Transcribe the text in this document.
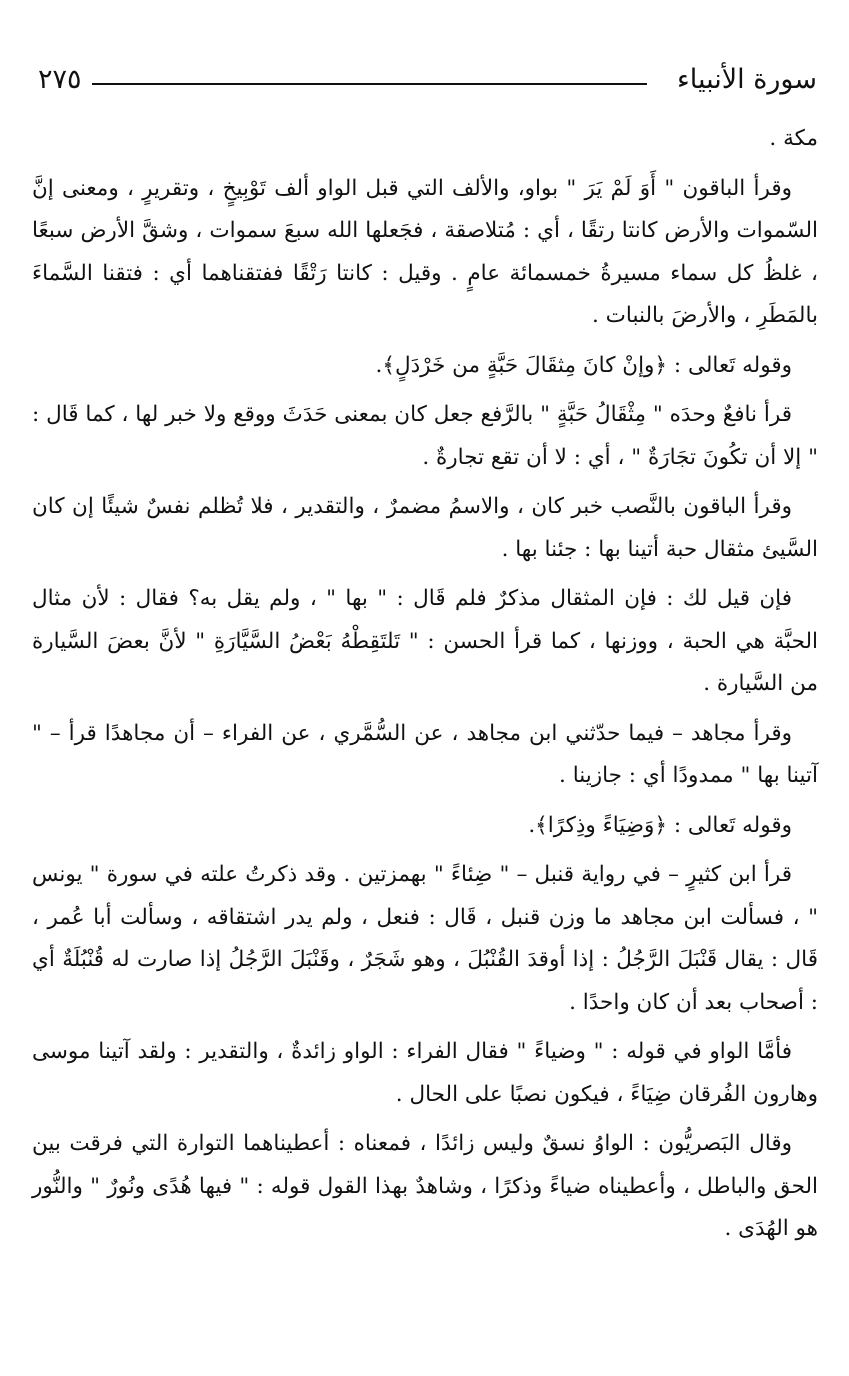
سورة الأنبياء
٢٧٥

مكة .

وقرأ الباقون " أَوَ لَمْ يَرَ " بواو، والألف التي قبل الواو ألف تَوْبِيخٍ ، وتقريرٍ ، ومعنى إنَّ السّموات والأرض كانتا رتقًا ، أي : مُتلاصقة ، فجَعلها الله سبعَ سموات ، وشقَّ الأرض سبعًا ، غلظُ كل سماء مسيرةُ خمسمائة عامٍ . وقيل : كانتا رَتْقًا ففتقناهما أي : فتقنا السَّماءَ بالمَطَرِ ، والأرضَ بالنبات .

وقوله تَعالى : ﴿وإنْ كانَ مِثقَالَ حَبَّةٍ من خَرْدَلٍ﴾.

قرأ نافعٌ وحدَه " مِثْقَالُ حَبَّةٍ " بالرَّفع جعل كان بمعنى حَدَثَ ووقع ولا خبر لها ، كما قَال : " إلا أن تكُونَ تجَارَةٌ " ، أي : لا أن تقع تجارةٌ .

وقرأ الباقون بالنَّصب خبر كان ، والاسمُ مضمرٌ ، والتقدير ، فلا تُظلم نفسٌ شيئًا إن كان السَّيئ مثقال حبة أتينا بها : جئنا بها .

فإن قيل لك : فإن المثقال مذكرٌ فلم قَال : " بها " ، ولم يقل به؟ فقال : لأن مثال الحبَّة هي الحبة ، ووزنها ، كما قرأ الحسن : " تَلتَقِطْهُ بَعْضُ السَّيَّارَةِ " لأنَّ بعضَ السَّيارة من السَّيارة .

وقرأ مجاهد – فيما حدّثني ابن مجاهد ، عن السُّمَّري ، عن الفراء – أن مجاهدًا قرأ – " آتينا بها " ممدودًا أي : جازينا .

وقوله تَعالى : ﴿وَضِيَاءً وذِكرًا﴾.

قرأ ابن كثيرٍ – في رواية قنبل – " ضِئاءً " بهمزتين . وقد ذكرتُ علته في سورة " يونس " ، فسألت ابن مجاهد ما وزن قنبل ، قَال : فنعل ، ولم يدر اشتقاقه ، وسألت أبا عُمر ، قَال : يقال قَنْبَلَ الرَّجُلُ : إذا أوقدَ القُنْبُلَ ، وهو شَجَرٌ ، وقَنْبَلَ الرَّجُلُ إذا صارت له قُنْبُلَةٌ أي : أصحاب بعد أن كان واحدًا .

فأمَّا الواو في قوله : " وضياءً " فقال الفراء : الواو زائدةٌ ، والتقدير : ولقد آتينا موسى وهارون الفُرقان ضِيَاءً ، فيكون نصبًا على الحال .

وقال البَصريُّون : الواوُ نسقٌ وليس زائدًا ، فمعناه : أعطيناهما التوارة التي فرقت بين الحق والباطل ، وأعطيناه ضياءً وذكرًا ، وشاهدٌ بهذا القول قوله : " فيها هُدًى ونُورٌ " والنُّور هو الهُدَى .
